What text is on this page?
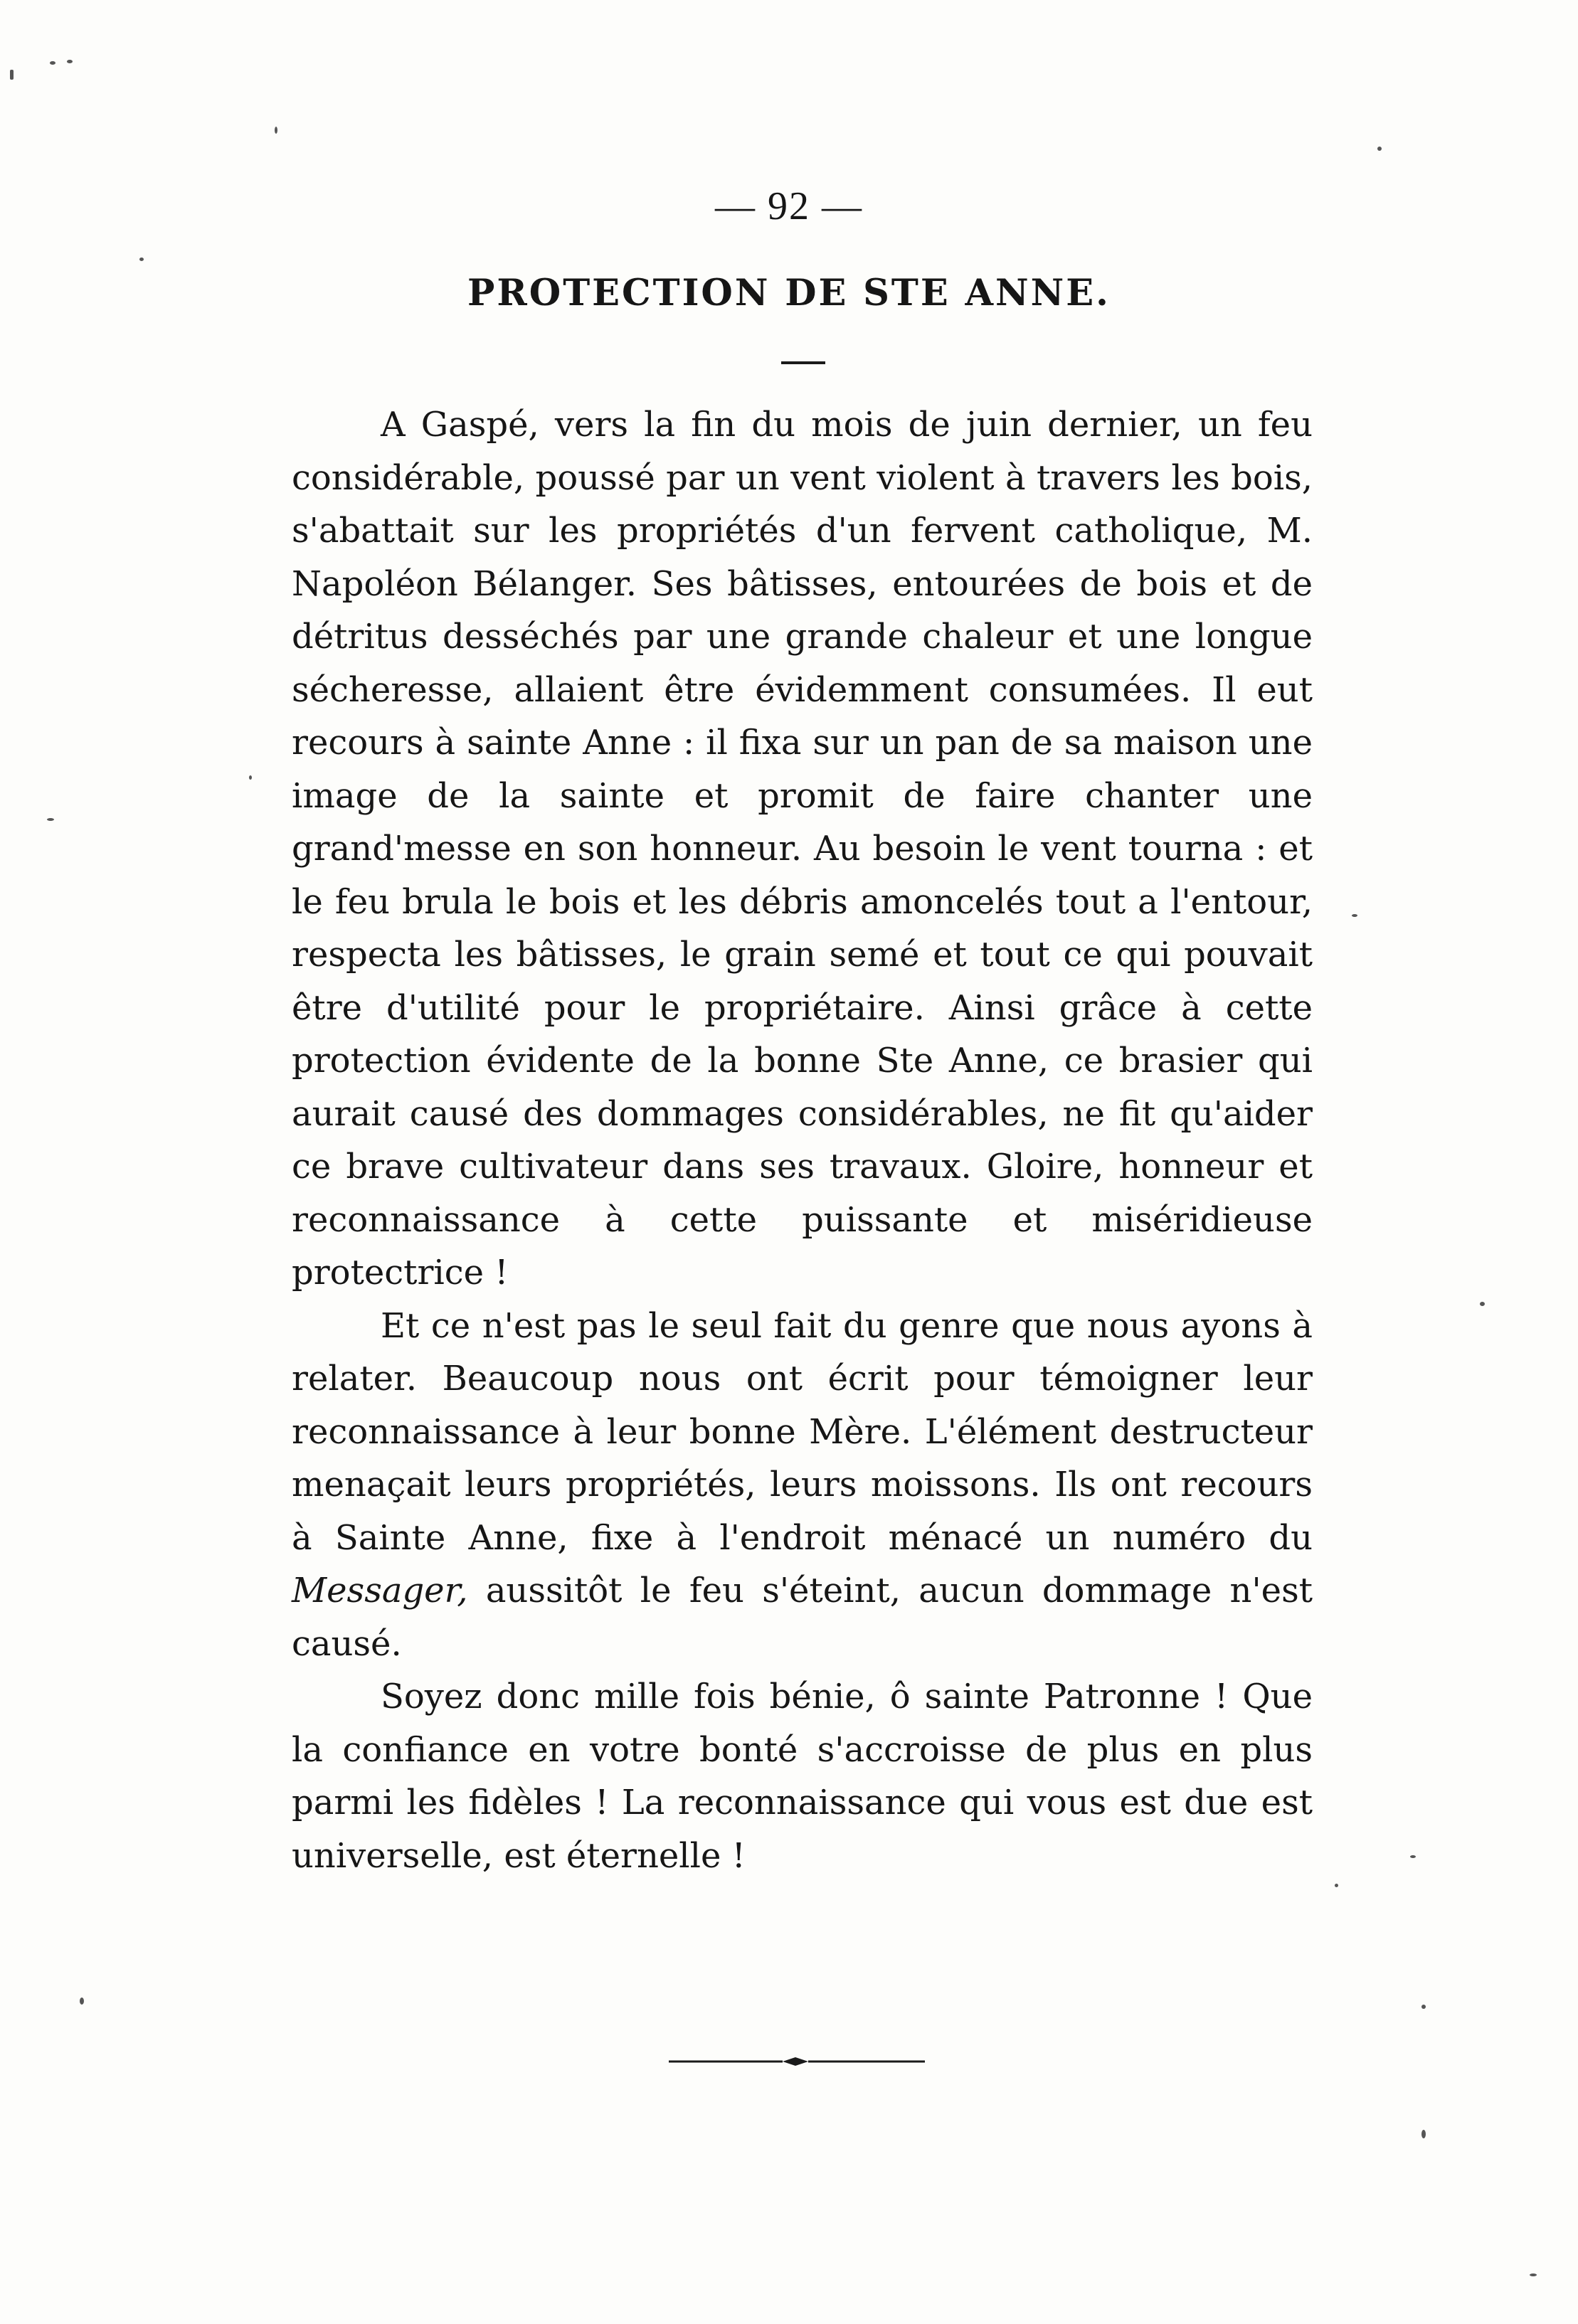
— 92 —
PROTECTION DE STE ANNE.

A Gaspé, vers la fin du mois de juin dernier, un feu considérable, poussé par un vent violent à travers les bois, s'abattait sur les propriétés d'un fervent catholique, M. Napoléon Bélanger. Ses bâtisses, entourées de bois et de détritus desséchés par une grande chaleur et une longue sécheresse, allaient être évidemment consumées. Il eut recours à sainte Anne : il fixa sur un pan de sa maison une image de la sainte et promit de faire chanter une grand'messe en son honneur. Au besoin le vent tourna : et le feu brula le bois et les débris amoncelés tout a l'entour, respecta les bâtisses, le grain semé et tout ce qui pouvait être d'utilité pour le propriétaire. Ainsi grâce à cette protection évidente de la bonne Ste Anne, ce brasier qui aurait causé des dommages considérables, ne fit qu'aider ce brave cultivateur dans ses travaux. Gloire, honneur et reconnaissance à cette puissante et miséridieuse protectrice !

Et ce n'est pas le seul fait du genre que nous ayons à relater. Beaucoup nous ont écrit pour témoigner leur reconnaissance à leur bonne Mère. L'élément destructeur menaçait leurs propriétés, leurs moissons. Ils ont recours à Sainte Anne, fixe à l'endroit ménacé un numéro du Messager, aussitôt le feu s'éteint, aucun dommage n'est causé.

Soyez donc mille fois bénie, ô sainte Patronne ! Que la confiance en votre bonté s'accroisse de plus en plus parmi les fidèles ! La reconnaissance qui vous est due est universelle, est éternelle !
